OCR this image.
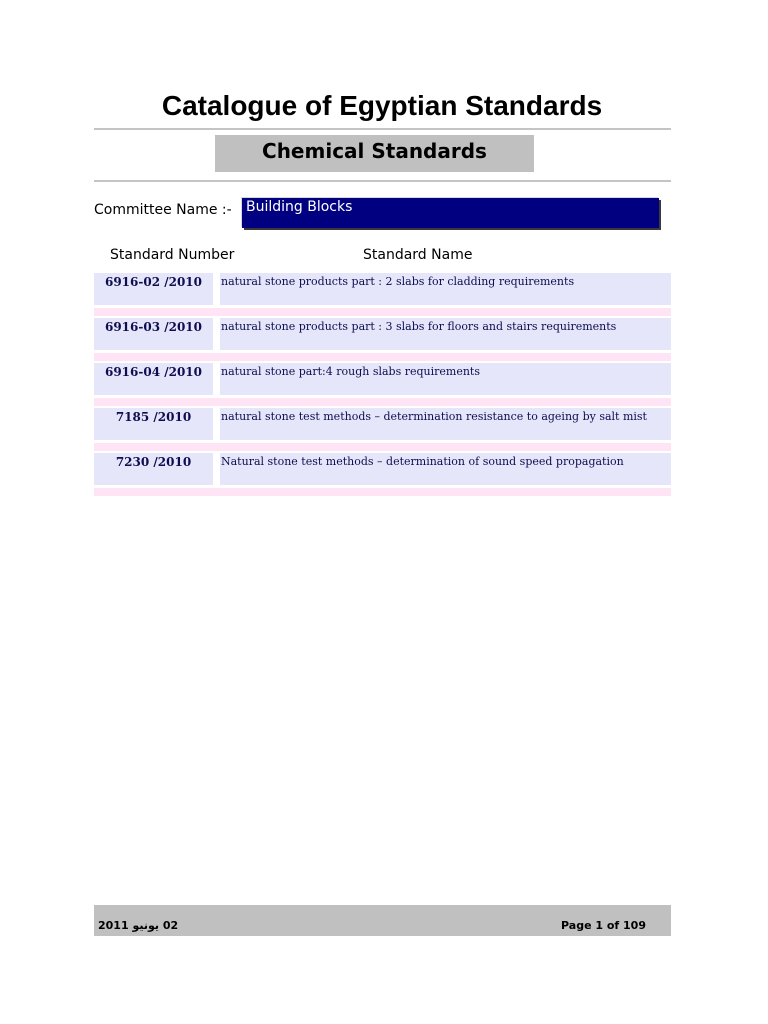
Catalogue of Egyptian Standards
Chemical Standards
Committee Name :- Building Blocks
Standard Number	Standard Name
6916-02 /2010	natural stone products part : 2 slabs for cladding requirements
6916-03 /2010	natural stone products part : 3 slabs for floors and stairs requirements
6916-04 /2010	natural stone part:4 rough slabs requirements
7185 /2010	natural stone test methods – determination resistance to ageing by salt mist
7230 /2010	Natural stone test methods – determination of sound speed propagation
02 يونيو 2011	Page 1 of 109
